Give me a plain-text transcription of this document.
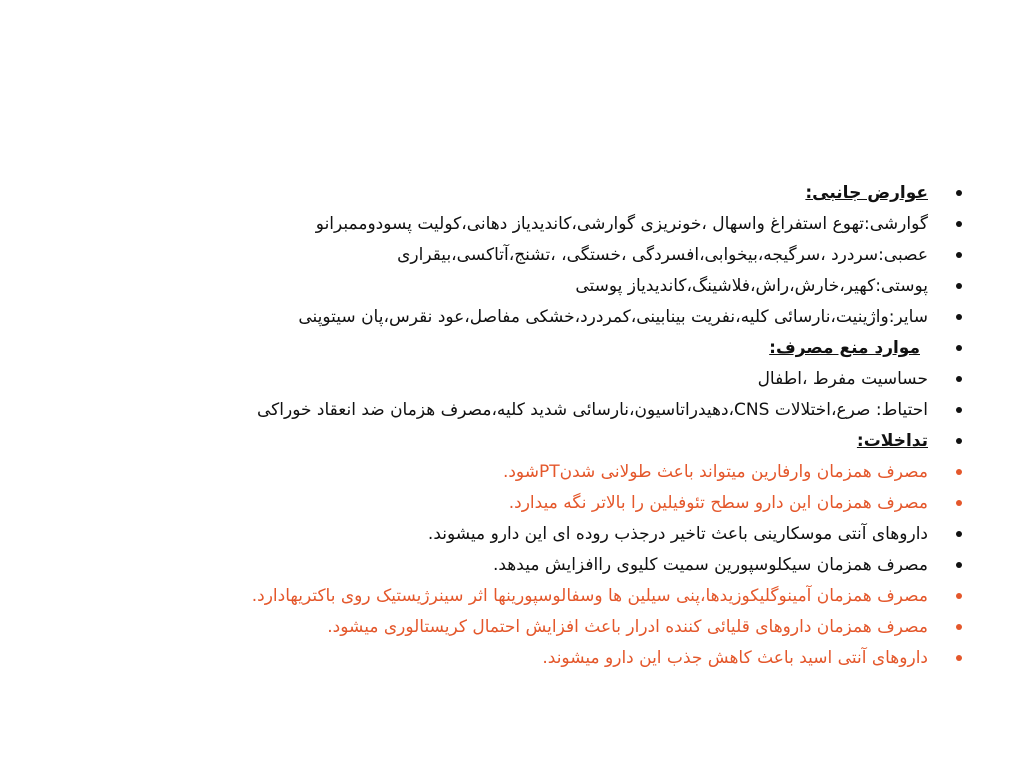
عوارض جانبی:
گوارشی:تهوع استفراغ واسهال ،خونریزی گوارشی،کاندیدیاز دهانی،کولیت پسودوممبرانو
عصبی:سردرد ،سرگیجه،بیخوابی،افسردگی ،خستگی، ،تشنج،آتاکسی،بیقراری
پوستی:کهیر،خارش،راش،فلاشینگ،کاندیدیاز پوستی
سایر:واژینیت،نارسائی کلیه،نفریت بینابینی،کمردرد،خشکی مفاصل،عود نقرس،پان سیتوپنی
موارد منع مصرف:
حساسیت مفرط ،اطفال
احتیاط: صرع،اختلالات CNS،دهیدراتاسیون،نارسائی شدید کلیه،مصرف هزمان ضد انعقاد خوراکی
تداخلات:
مصرف همزمان وارفارین میتواند باعث طولانی شدنPTشود.
مصرف همزمان این دارو سطح تئوفیلین را بالاتر نگه میدارد.
داروهای آنتی موسکارینی باعث تاخیر درجذب روده ای این دارو میشوند.
مصرف همزمان سیکلوسپورین سمیت کلیوی راافزایش میدهد.
مصرف همزمان آمینوگلیکوزیدها،پنی سیلین ها وسفالوسپورینها اثر سینرژیستیک روی باکتریهادارد.
مصرف همزمان داروهای قلیائی کننده ادرار باعث افزایش احتمال کریستالوری میشود.
داروهای آنتی اسید باعث کاهش جذب این دارو میشوند.
